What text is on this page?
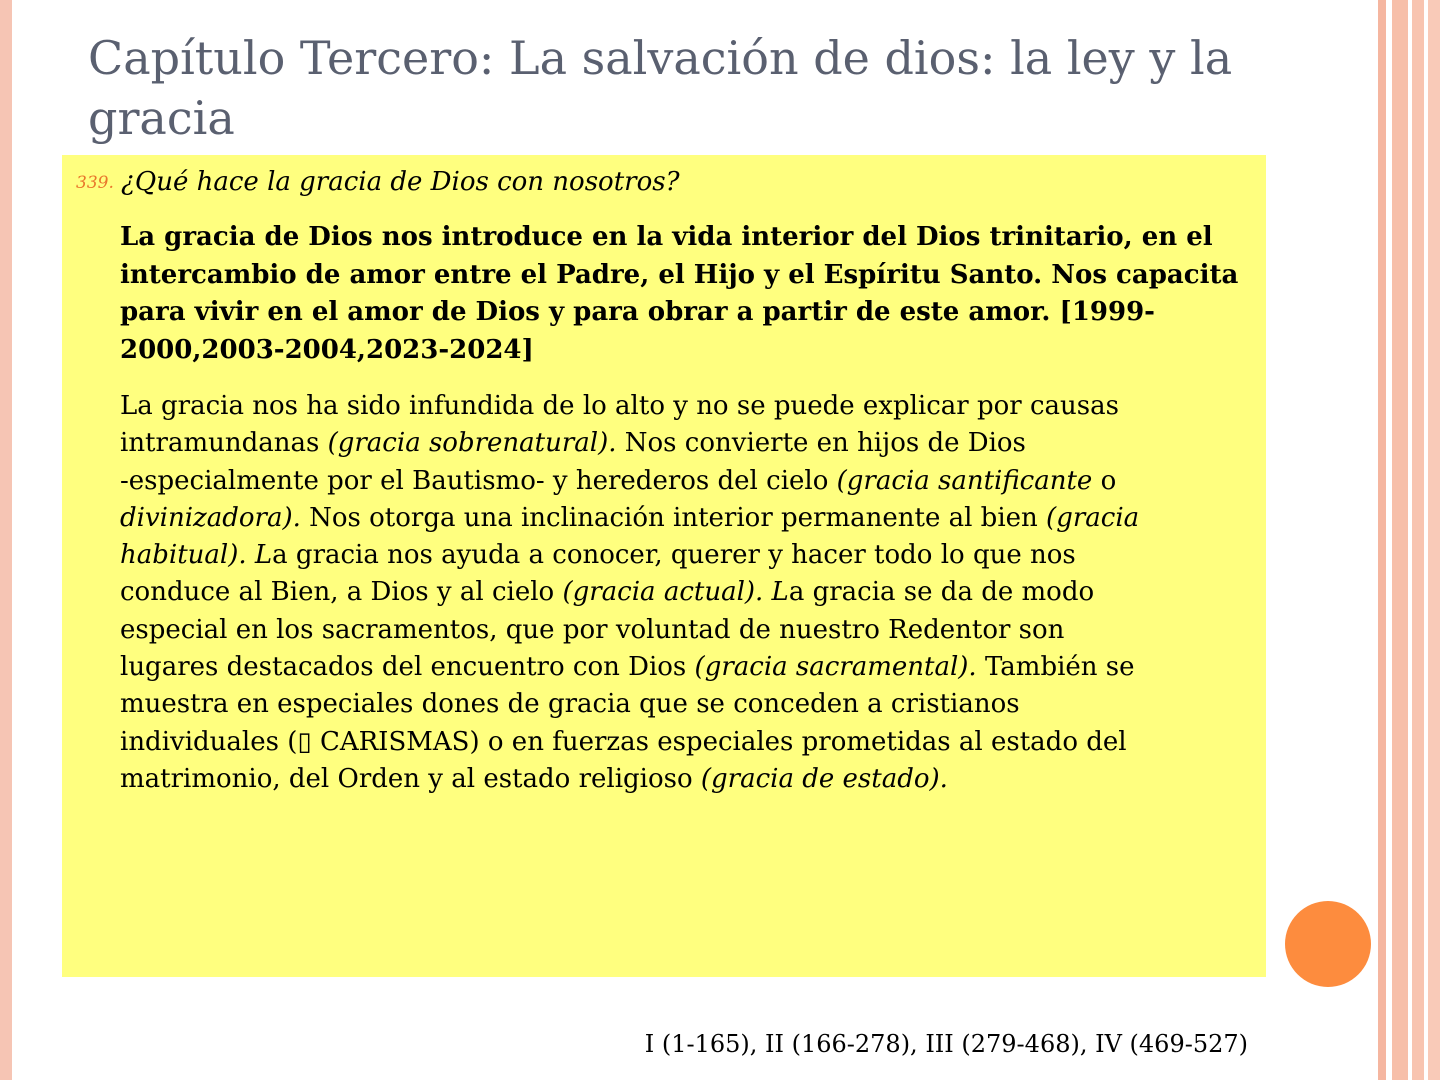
Capítulo Tercero: La salvación de dios: la ley y la gracia
339. ¿Qué hace la gracia de Dios con nosotros?

La gracia de Dios nos introduce en la vida interior del Dios trinitario, en el intercambio de amor entre el Padre, el Hijo y el Espíritu Santo. Nos capacita para vivir en el amor de Dios y para obrar a partir de este amor. [1999-2000,2003-2004,2023-2024]

La gracia nos ha sido infundida de lo alto y no se puede explicar por causas
intramundanas (gracia sobrenatural). Nos convierte en hijos de Dios
-especialmente por el Bautismo- y herederos del cielo (gracia santificante o
divinizadora). Nos otorga una inclinación interior permanente al bien (gracia
habitual). La gracia nos ayuda a conocer, querer y hacer todo lo que nos
conduce al Bien, a Dios y al cielo (gracia actual). La gracia se da de modo
especial en los sacramentos, que por voluntad de nuestro Redentor son
lugares destacados del encuentro con Dios (gracia sacramental). También se
muestra en especiales dones de gracia que se conceden a cristianos
individuales (▯ CARISMAS) o en fuerzas especiales prometidas al estado del
matrimonio, del Orden y al estado religioso (gracia de estado).
I (1-165), II (166-278), III (279-468), IV (469-527)
